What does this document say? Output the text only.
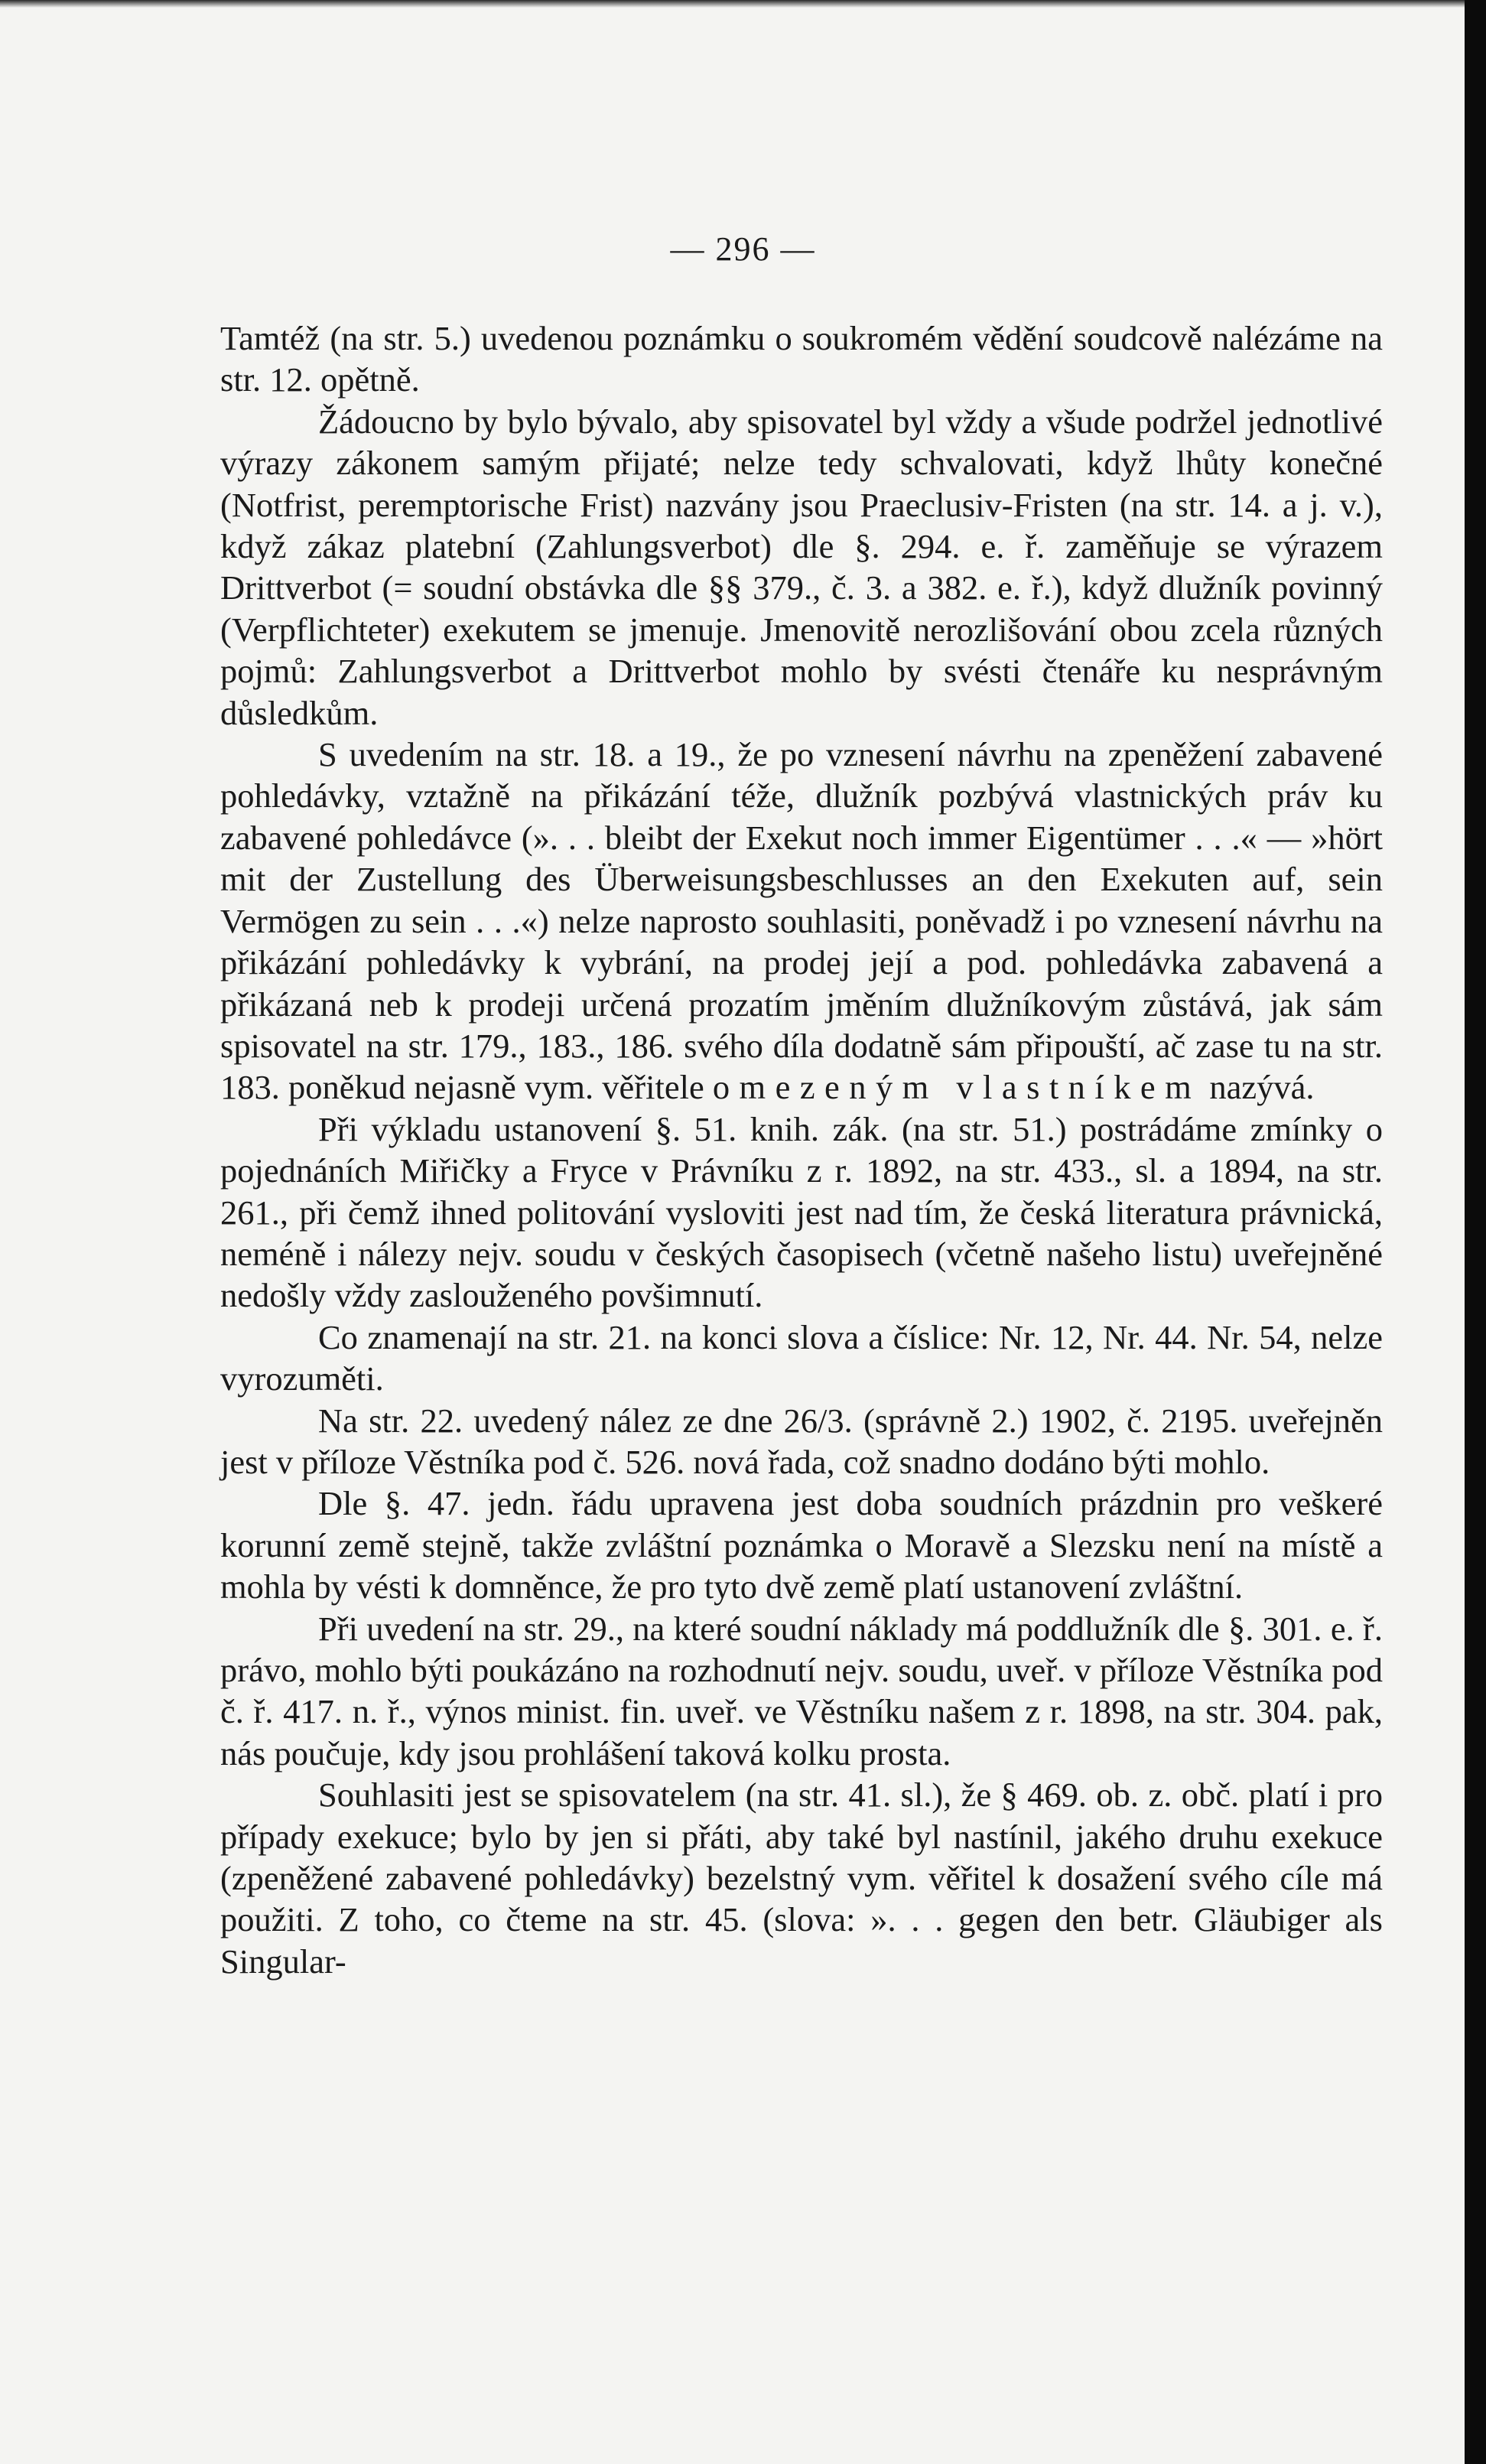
— 296 —

Tamtéž (na str. 5.) uvedenou poznámku o soukromém vědění soudcově nalézáme na str. 12. opětně.

Žádoucno by bylo bývalo, aby spisovatel byl vždy a všude podržel jednotlivé výrazy zákonem samým přijaté; nelze tedy schvalovati, když lhůty konečné (Notfrist, peremptorische Frist) nazvány jsou Praeclusiv-Fristen (na str. 14. a j. v.), když zákaz platební (Zahlungsverbot) dle §. 294. e. ř. zaměňuje se výrazem Drittverbot (= soudní obstávka dle §§ 379., č. 3. a 382. e. ř.), když dlužník povinný (Verpflichteter) exekutem se jmenuje. Jmenovitě nerozlišování obou zcela různých pojmů: Zahlungsverbot a Drittverbot mohlo by svésti čtenáře ku nesprávným důsledkům.

S uvedením na str. 18. a 19., že po vznesení návrhu na zpeněžení zabavené pohledávky, vztažně na přikázání téže, dlužník pozbývá vlastnických práv ku zabavené pohledávce (». . . bleibt der Exekut noch immer Eigentümer . . .« — »hört mit der Zustellung des Überweisungsbeschlusses an den Exekuten auf, sein Vermögen zu sein . . .«) nelze naprosto souhlasiti, poněvadž i po vznesení návrhu na přikázání pohledávky k vybrání, na prodej její a pod. pohledávka zabavená a přikázaná neb k prodeji určená prozatím jměním dlužníkovým zůstává, jak sám spisovatel na str. 179., 183., 186. svého díla dodatně sám připouští, ač zase tu na str. 183. poněkud nejasně vym. věřitele omezeným vlastníkem nazývá.

Při výkladu ustanovení §. 51. knih. zák. (na str. 51.) postrádáme zmínky o pojednáních Miřičky a Fryce v Právníku z r. 1892, na str. 433., sl. a 1894, na str. 261., při čemž ihned politování vysloviti jest nad tím, že česká literatura právnická, neméně i nálezy nejv. soudu v českých časopisech (včetně našeho listu) uveřejněné nedošly vždy zaslouženého povšimnutí.

Co znamenají na str. 21. na konci slova a číslice: Nr. 12, Nr. 44. Nr. 54, nelze vyrozuměti.

Na str. 22. uvedený nález ze dne 26/3. (správně 2.) 1902, č. 2195. uveřejněn jest v příloze Věstníka pod č. 526. nová řada, což snadno dodáno býti mohlo.

Dle §. 47. jedn. řádu upravena jest doba soudních prázdnin pro veškeré korunní země stejně, takže zvláštní poznámka o Moravě a Slezsku není na místě a mohla by vésti k domněnce, že pro tyto dvě země platí ustanovení zvláštní.

Při uvedení na str. 29., na které soudní náklady má poddlužník dle §. 301. e. ř. právo, mohlo býti poukázáno na rozhodnutí nejv. soudu, uveř. v příloze Věstníka pod č. ř. 417. n. ř., výnos minist. fin. uveř. ve Věstníku našem z r. 1898, na str. 304. pak, nás poučuje, kdy jsou prohlášení taková kolku prosta.

Souhlasiti jest se spisovatelem (na str. 41. sl.), že § 469. ob. z. obč. platí i pro případy exekuce; bylo by jen si přáti, aby také byl nastínil, jakého druhu exekuce (zpeněžené zabavené pohledávky) bezelstný vym. věřitel k dosažení svého cíle má použiti. Z toho, co čteme na str. 45. (slova: ». . . gegen den betr. Gläubiger als Singular-
